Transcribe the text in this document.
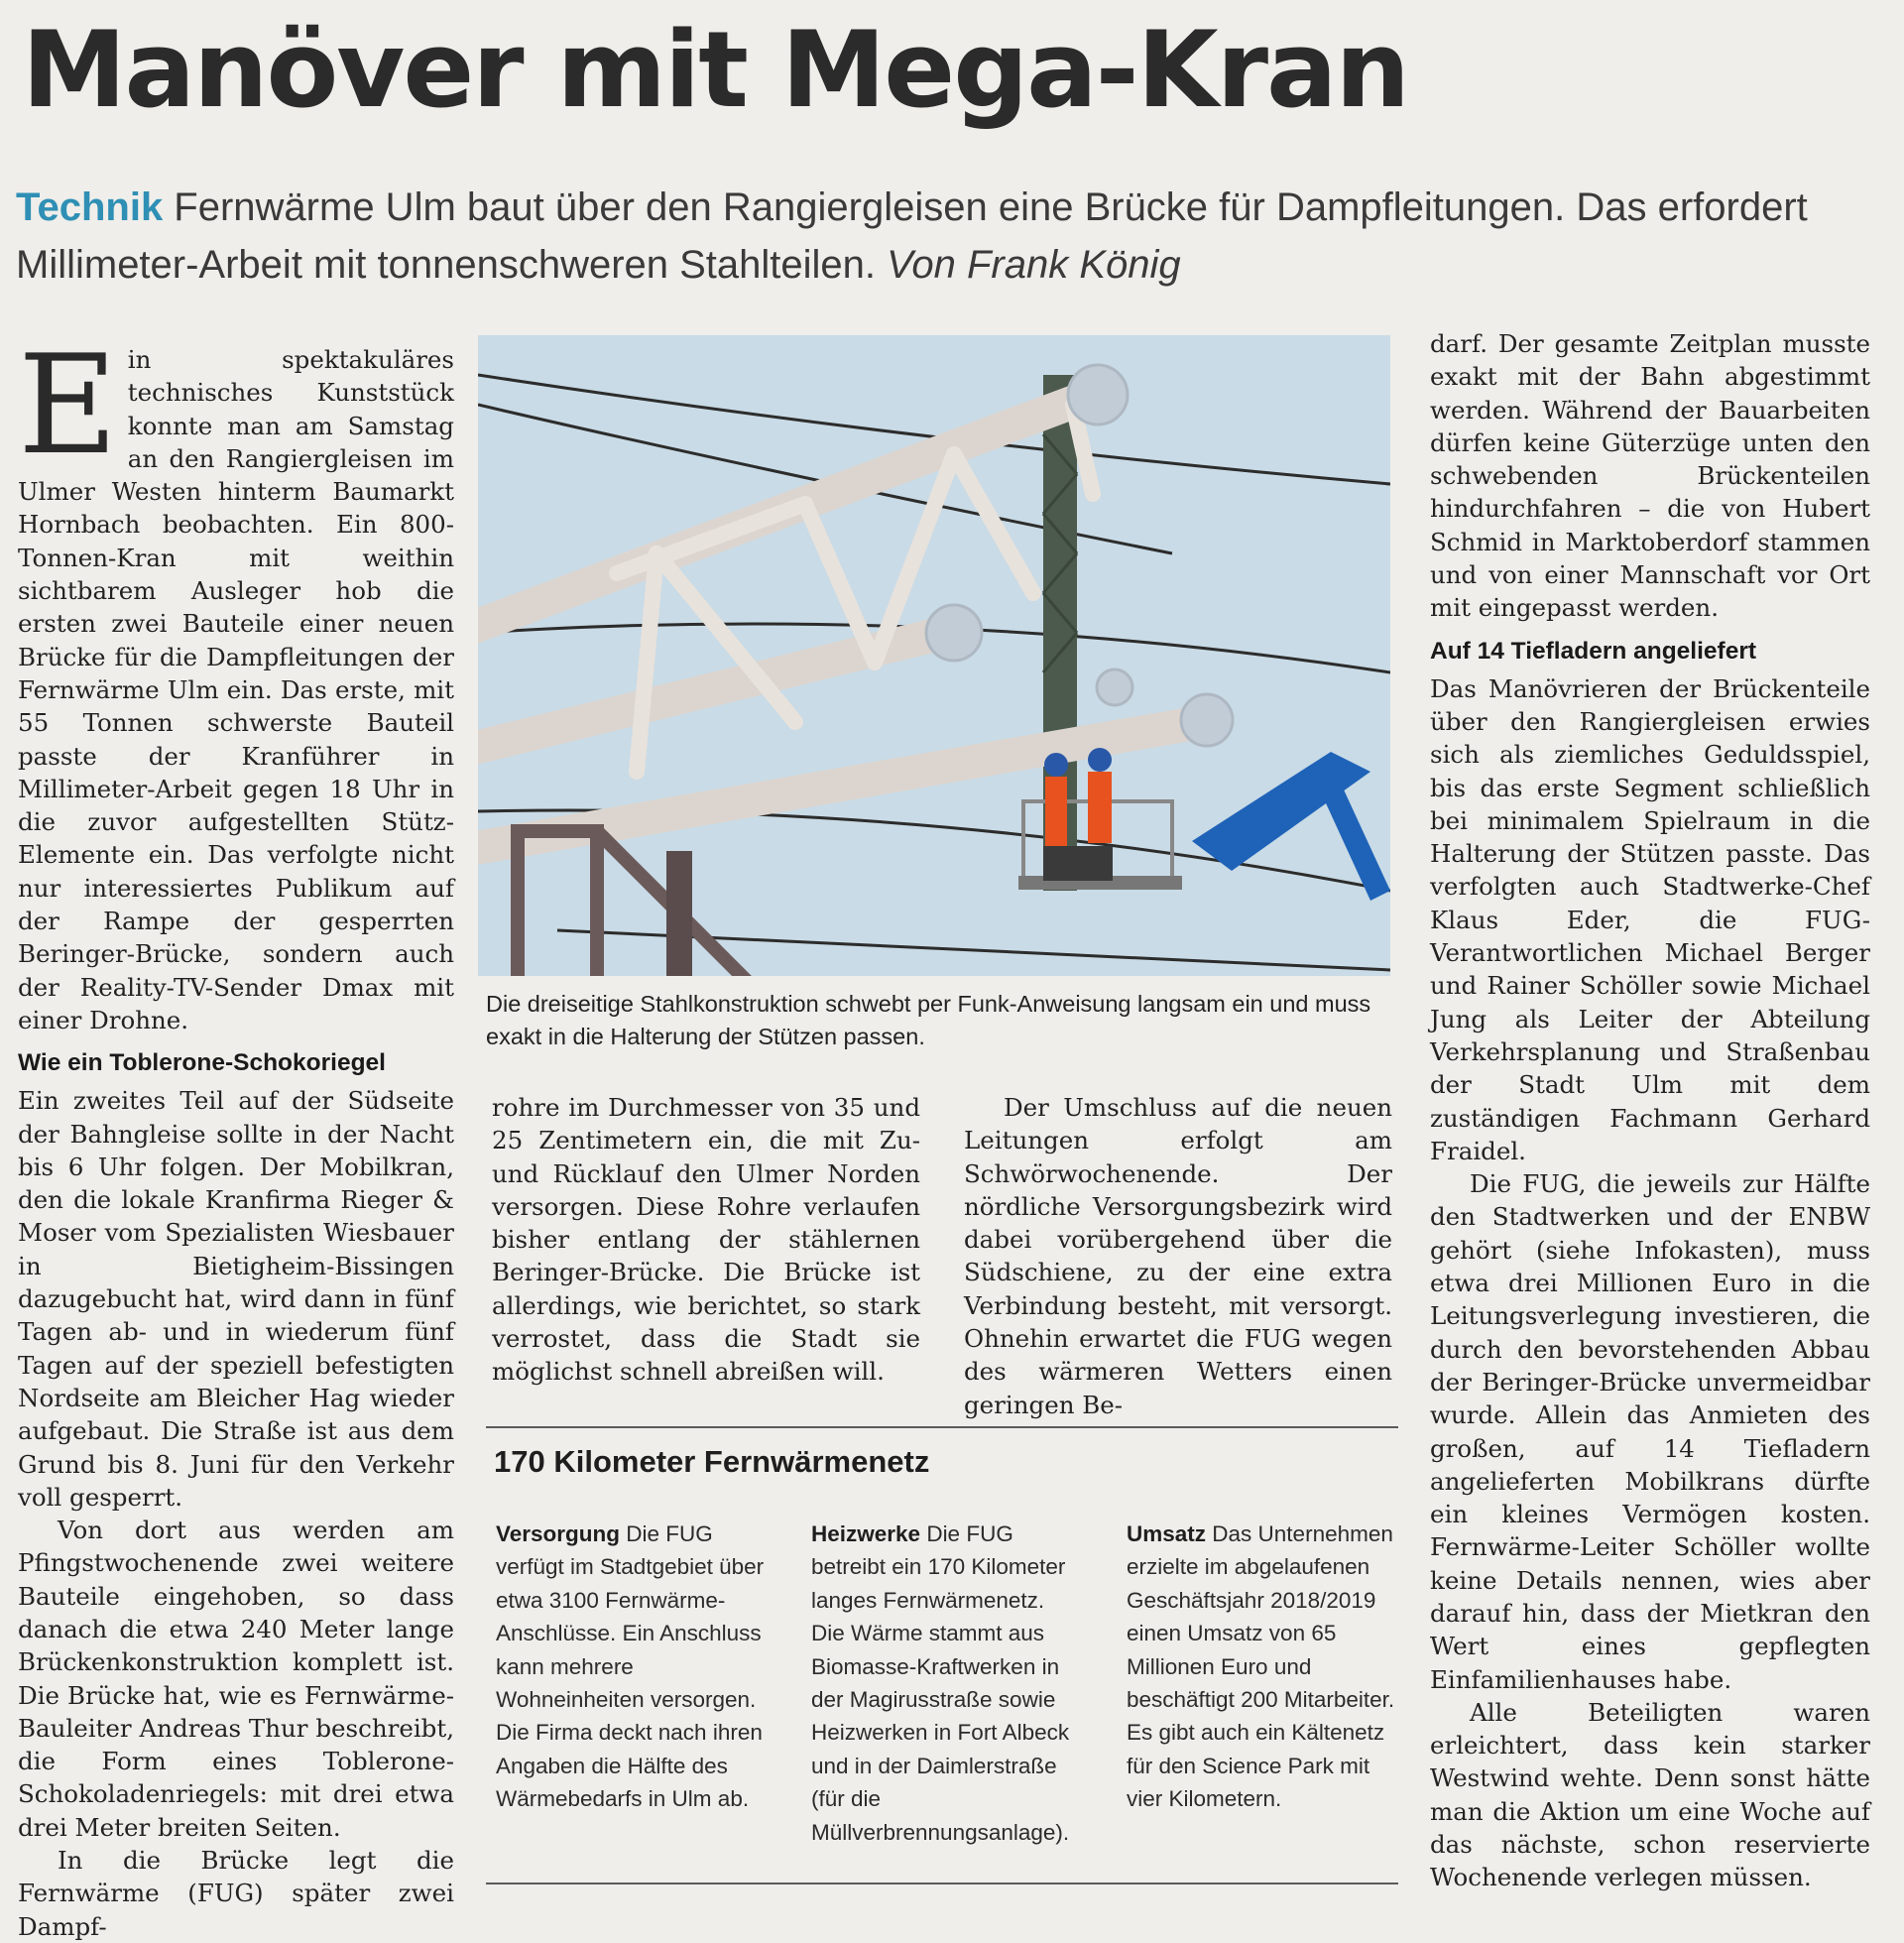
Manöver mit Mega-Kran
Technik Fernwärme Ulm baut über den Rangiergleisen eine Brücke für Dampfleitungen. Das erfordert Millimeter-Arbeit mit tonnenschweren Stahlteilen. Von Frank König

Ein spektakuläres technisches Kunststück konnte man am Samstag an den Rangiergleisen im Ulmer Westen hinterm Baumarkt Hornbach beobachten. Ein 800-Tonnen-Kran mit weithin sichtbarem Ausleger hob die ersten zwei Bauteile einer neuen Brücke für die Dampfleitungen der Fernwärme Ulm ein. Das erste, mit 55 Tonnen schwerste Bauteil passte der Kranführer in Millimeter-Arbeit gegen 18 Uhr in die zuvor aufgestellten Stütz-Elemente ein. Das verfolgte nicht nur interessiertes Publikum auf der Rampe der gesperrten Beringer-Brücke, sondern auch der Reality-TV-Sender Dmax mit einer Drohne.

Wie ein Toblerone-Schokoriegel

Ein zweites Teil auf der Südseite der Bahngleise sollte in der Nacht bis 6 Uhr folgen. Der Mobilkran, den die lokale Kranfirma Rieger & Moser vom Spezialisten Wiesbauer in Bietigheim-Bissingen dazugebucht hat, wird dann in fünf Tagen ab- und in wiederum fünf Tagen auf der speziell befestigten Nordseite am Bleicher Hag wieder aufgebaut. Die Straße ist aus dem Grund bis 8. Juni für den Verkehr voll gesperrt.

Von dort aus werden am Pfingstwochenende zwei weitere Bauteile eingehoben, so dass danach die etwa 240 Meter lange Brückenkonstruktion komplett ist. Die Brücke hat, wie es Fernwärme-Bauleiter Andreas Thur beschreibt, die Form eines Toblerone-Schokoladenriegels: mit drei etwa drei Meter breiten Seiten.

In die Brücke legt die Fernwärme (FUG) später zwei Dampf-

Die dreiseitige Stahlkonstruktion schwebt per Funk-Anweisung langsam ein und muss exakt in die Halterung der Stützen passen.

rohre im Durchmesser von 35 und 25 Zentimetern ein, die mit Zu- und Rücklauf den Ulmer Norden versorgen. Diese Rohre verlaufen bisher entlang der stählernen Beringer-Brücke. Die Brücke ist allerdings, wie berichtet, so stark verrostet, dass die Stadt sie möglichst schnell abreißen will.

Der Umschluss auf die neuen Leitungen erfolgt am Schwörwochenende. Der nördliche Versorgungsbezirk wird dabei vorübergehend über die Südschiene, zu der eine extra Verbindung besteht, mit versorgt. Ohnehin erwartet die FUG wegen des wärmeren Wetters einen geringen Be-

darf. Der gesamte Zeitplan musste exakt mit der Bahn abgestimmt werden. Während der Bauarbeiten dürfen keine Güterzüge unten den schwebenden Brückenteilen hindurchfahren – die von Hubert Schmid in Marktoberdorf stammen und von einer Mannschaft vor Ort mit eingepasst werden.

Auf 14 Tiefladern angeliefert

Das Manövrieren der Brückenteile über den Rangiergleisen erwies sich als ziemliches Geduldsspiel, bis das erste Segment schließlich bei minimalem Spielraum in die Halterung der Stützen passte. Das verfolgten auch Stadtwerke-Chef Klaus Eder, die FUG-Verantwortlichen Michael Berger und Rainer Schöller sowie Michael Jung als Leiter der Abteilung Verkehrsplanung und Straßenbau der Stadt Ulm mit dem zuständigen Fachmann Gerhard Fraidel.

Die FUG, die jeweils zur Hälfte den Stadtwerken und der ENBW gehört (siehe Infokasten), muss etwa drei Millionen Euro in die Leitungsverlegung investieren, die durch den bevorstehenden Abbau der Beringer-Brücke unvermeidbar wurde. Allein das Anmieten des großen, auf 14 Tiefladern angelieferten Mobilkrans dürfte ein kleines Vermögen kosten. Fernwärme-Leiter Schöller wollte keine Details nennen, wies aber darauf hin, dass der Mietkran den Wert eines gepflegten Einfamilienhauses habe.

Alle Beteiligten waren erleichtert, dass kein starker Westwind wehte. Denn sonst hätte man die Aktion um eine Woche auf das nächste, schon reservierte Wochenende verlegen müssen.

170 Kilometer Fernwärmenetz
Versorgung Die FUG verfügt im Stadtgebiet über etwa 3100 Fernwärme-Anschlüsse. Ein Anschluss kann mehrere Wohneinheiten versorgen. Die Firma deckt nach ihren Angaben die Hälfte des Wärmebedarfs in Ulm ab.
Heizwerke Die FUG betreibt ein 170 Kilometer langes Fernwärmenetz. Die Wärme stammt aus Biomasse-Kraftwerken in der Magirusstraße sowie Heizwerken in Fort Albeck und in der Daimlerstraße (für die Müllverbrennungsanlage).
Umsatz Das Unternehmen erzielte im abgelaufenen Geschäftsjahr 2018/2019 einen Umsatz von 65 Millionen Euro und beschäftigt 200 Mitarbeiter. Es gibt auch ein Kältenetz für den Science Park mit vier Kilometern.
